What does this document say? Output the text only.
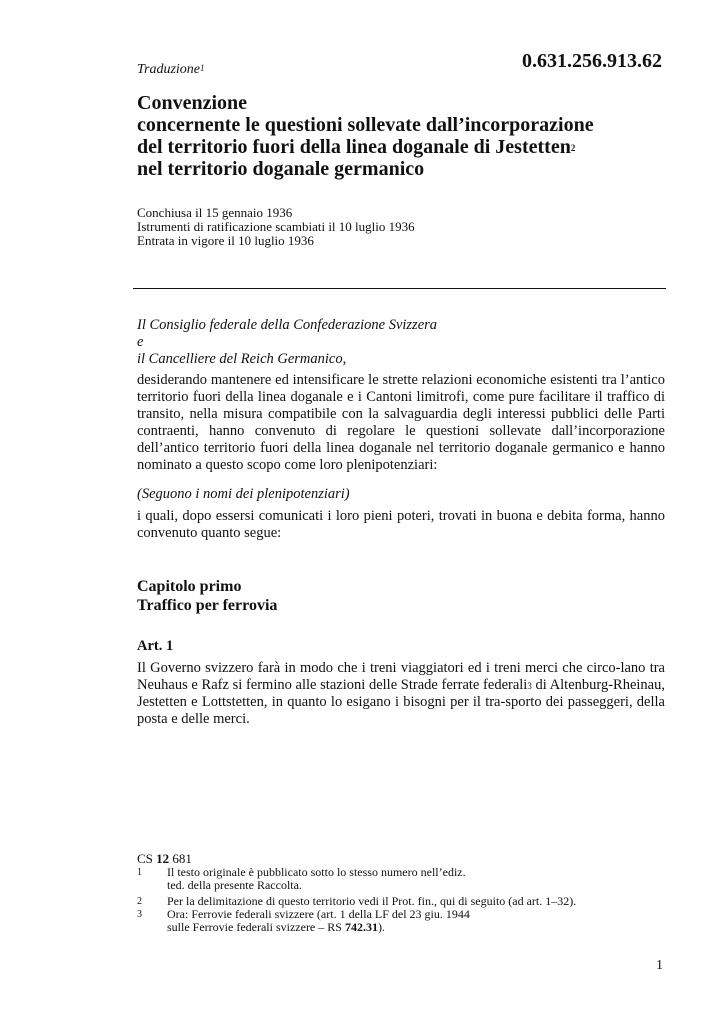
Traduzione$^1$	0.631.256.913.62
Convenzione
concernente le questioni sollevate dall’incorporazione
del territorio fuori della linea doganale di Jestetten$^2$
nel territorio doganale germanico
Conchiusa il 15 gennaio 1936
Istrumenti di ratificazione scambiati il 10 luglio 1936
Entrata in vigore il 10 luglio 1936
Il Consiglio federale della Confederazione Svizzera
e
il Cancelliere del Reich Germanico,
desiderando mantenere ed intensificare le strette relazioni economiche esistenti tra l’antico territorio fuori della linea doganale e i Cantoni limitrofi, come pure facilitare il traffico di transito, nella misura compatibile con la salvaguardia degli interessi pubblici delle Parti contraenti, hanno convenuto di regolare le questioni sollevate dall’incorporazione dell’antico territorio fuori della linea doganale nel territorio doganale germanico e hanno nominato a questo scopo come loro plenipotenziari:
(Seguono i nomi dei plenipotenziari)
i quali, dopo essersi comunicati i loro pieni poteri, trovati in buona e debita forma, hanno convenuto quanto segue:
Capitolo primo
Traffico per ferrovia
Art. 1
Il Governo svizzero farà in modo che i treni viaggiatori ed i treni merci che circo-lano tra Neuhaus e Rafz si fermino alle stazioni delle Strade ferrate federali$^3$ di Altenburg-Rheinau, Jestetten e Lottstetten, in quanto lo esigano i bisogni per il tra-sporto dei passeggeri, della posta e delle merci.
CS 12 681
1 Il testo originale è pubblicato sotto lo stesso numero nell’ediz.
ted. della presente Raccolta.
2 Per la delimitazione di questo territorio vedi il Prot. fin., qui di seguito (ad art. 1–32).
3 Ora: Ferrovie federali svizzere (art. 1 della LF del 23 giu. 1944
sulle Ferrovie federali svizzere – RS 742.31).
1
